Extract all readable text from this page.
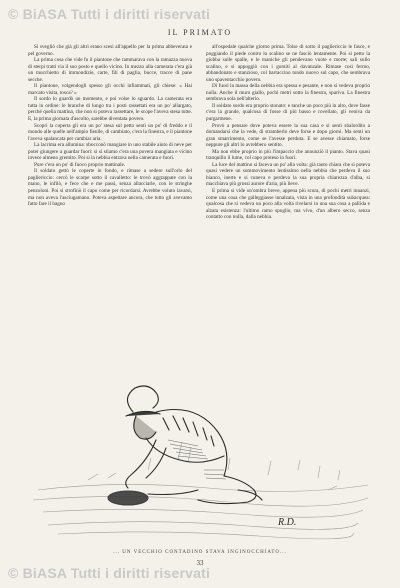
© BiASA Tutti i diritti riservati
IL PRIMATO

Si svegliò che già gli altri erano scesi all'appello per la prima abbeverata e pel governo.

La prima cosa che vide fu il piantone che rammarava con la ramazza nuova di sterpi tratti via il suo posto e quello vicino. In mezzo alla camerata c'era già un mucchietto di immondizie, carte, fili di paglia, bucce, tracce di pane secche.

Il piantone, volgendogli spesso gli occhi infiammati, gli chiese: « Hai marcato visita, tosca? »

Il sordo lo guardò un momento, e poi volse lo sguardo. La camerata era tutta in ordine: le branche di lungo tra i posti rassettati era un po' allargato, perché quella mattina, che non si poteva rassettare, le scope l'aveva stesa tutte. E, la prima giornata d'ascolto, sarebbe diventata povero.

Scoprì la coperta gli era un po' stesa sul petto sentì un po' di freddo e il mondo alle quelle nell'ampio fienile, di cambiato, c'era la finestra, e il piantone l'aveva spalancata per cambiar aria.

La lacrima era allumina: sbocconò mangiare in uno stabile aiuto di neve per poter giungere a guardar fuori: si sì stiamo c'era una povera mangiata e vicino invece almeno gremito. Poi si la nebbia entrava nella camerata e fuori.

Pure c'era un po' di fuoco proprio mattinale.

Il soldato gettò le coperte in fondo, e rimase a sedere sull'orlo del pagliericcio: cercò le scarpe sotto il cavalletto: le trovò aggrappate con la mano, le infilò, e fece che e me passi, senza allacciarle, con le stringhe penzoloni. Poi si strofinò il capo come per ricordarsi. Avrebbe voluto lavarsi, ma non aveva l'asciugamano. Poteva aspettare ancora, che tutto gli avevamo fatto fare il bagno

all'ospedale qualche giorno prima. Tolse di sotto il pagliericcio le fasce, e poggiando il piede contro lo scalino se ne fasciò lentamente. Poi si petto la giubba sulle spalle, e le maniche gli pendevano vuote e morte; sali sullo scalino, e si appoggiò con i gomiti al davanzale. Rimase così fermo, abbandonato e stanzioso, col barraccino tondo nuovo sul capo, che sembrava uno spaventacchio povero.

Di fuori la massa della nebbia era spessa e pesante, e non si vedeva proprio nulla. Anche il muro giallo, pochi metri sotto la finestra, spariva. La finestra sembrava sola nell'alterio.

Il soldato sordo era proprio stonato: e tanche un poco più in alto, dove fasse c'era la grande, qualcosa di fosse di più basso e rovellato, gli veniva da purgarmene.

Provò a pensare dove poteva essere la sua casa e si sentì sbalordito a domandarsi che la vede, di stramberlo deve forse e dopo giorni. Ma senti un gran smarrimento, come se l'avesse perduta. E se avesse chiamato, forse neppure gli altri lo avrebbero sentito.

Ma non ebbe proprio in più l'impaccio che annunziò il pianto. Stava quasi tranquillo il lume, col capo proteso in fuori.

La luce del mattino si faceva un po' alla volta: già tanto chiara che si poteva quasi vedere un sommovimento lentissimo nella nebbia che perdeva il suo bianco, inerte e si cuneva e perdeva la sua propria chiarezza d'alba, si macchiava più grossi aurore d'aria, più lieve.

E prima si vide un'ombra breve, appena più scura, di pochi metri innanzi, come una cosa che galleggiasse innalzata, vista in una profondità subacquea: qualcosa che si vedeva un poco alla volta rivelarsi in una sua cosa a pallida e alzata esistenza: l'ultimo ramo spoglio, ma vivo, d'un albero secco, senza contatto con nulla, dalla nebbia.

R.D.
... UN VECCHIO CONTADINO STAVA INGINOCCHIATO...
33
© BiASA Tutti i diritti riservati
